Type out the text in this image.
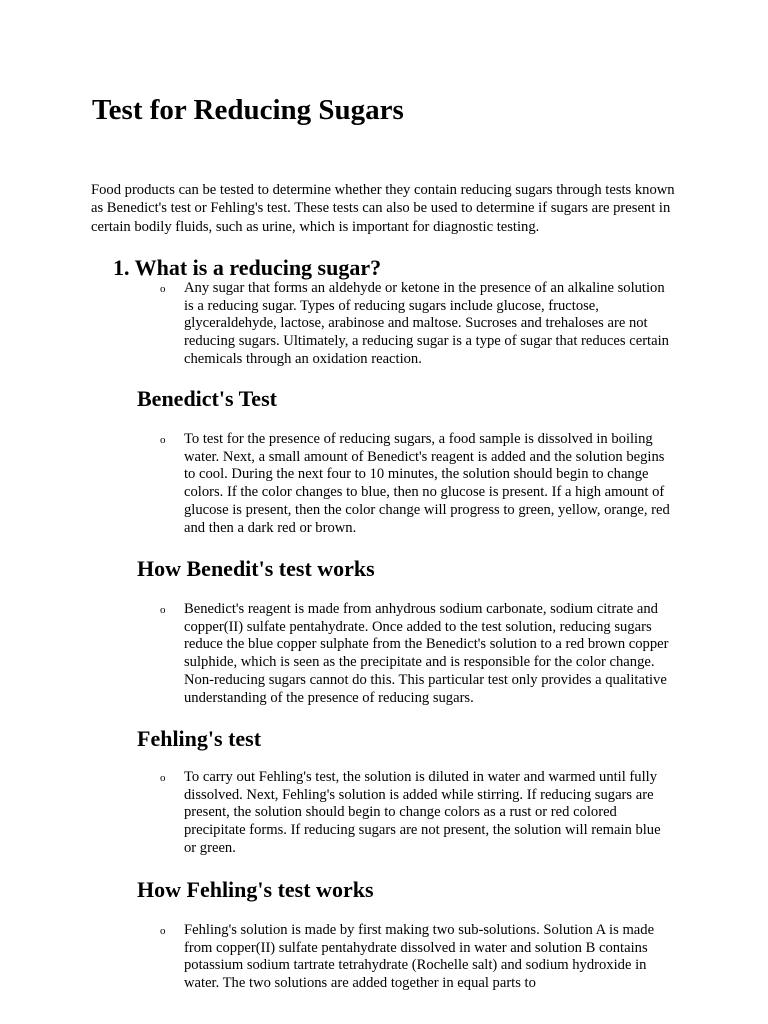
Test for Reducing Sugars

Food products can be tested to determine whether they contain reducing sugars through tests known as Benedict's test or Fehling's test. These tests can also be used to determine if sugars are present in certain bodily fluids, such as urine, which is important for diagnostic testing.

1. What is a reducing sugar?
o Any sugar that forms an aldehyde or ketone in the presence of an alkaline solution is a reducing sugar. Types of reducing sugars include glucose, fructose, glyceraldehyde, lactose, arabinose and maltose. Sucroses and trehaloses are not reducing sugars. Ultimately, a reducing sugar is a type of sugar that reduces certain chemicals through an oxidation reaction.

Benedict's Test
o To test for the presence of reducing sugars, a food sample is dissolved in boiling water. Next, a small amount of Benedict's reagent is added and the solution begins to cool. During the next four to 10 minutes, the solution should begin to change colors. If the color changes to blue, then no glucose is present. If a high amount of glucose is present, then the color change will progress to green, yellow, orange, red and then a dark red or brown.

How Benedit's test works
o Benedict's reagent is made from anhydrous sodium carbonate, sodium citrate and copper(II) sulfate pentahydrate. Once added to the test solution, reducing sugars reduce the blue copper sulphate from the Benedict's solution to a red brown copper sulphide, which is seen as the precipitate and is responsible for the color change. Non-reducing sugars cannot do this. This particular test only provides a qualitative understanding of the presence of reducing sugars.

Fehling's test
o To carry out Fehling's test, the solution is diluted in water and warmed until fully dissolved. Next, Fehling's solution is added while stirring. If reducing sugars are present, the solution should begin to change colors as a rust or red colored precipitate forms. If reducing sugars are not present, the solution will remain blue or green.

How Fehling's test works
o Fehling's solution is made by first making two sub-solutions. Solution A is made from copper(II) sulfate pentahydrate dissolved in water and solution B contains potassium sodium tartrate tetrahydrate (Rochelle salt) and sodium hydroxide in water. The two solutions are added together in equal parts to
